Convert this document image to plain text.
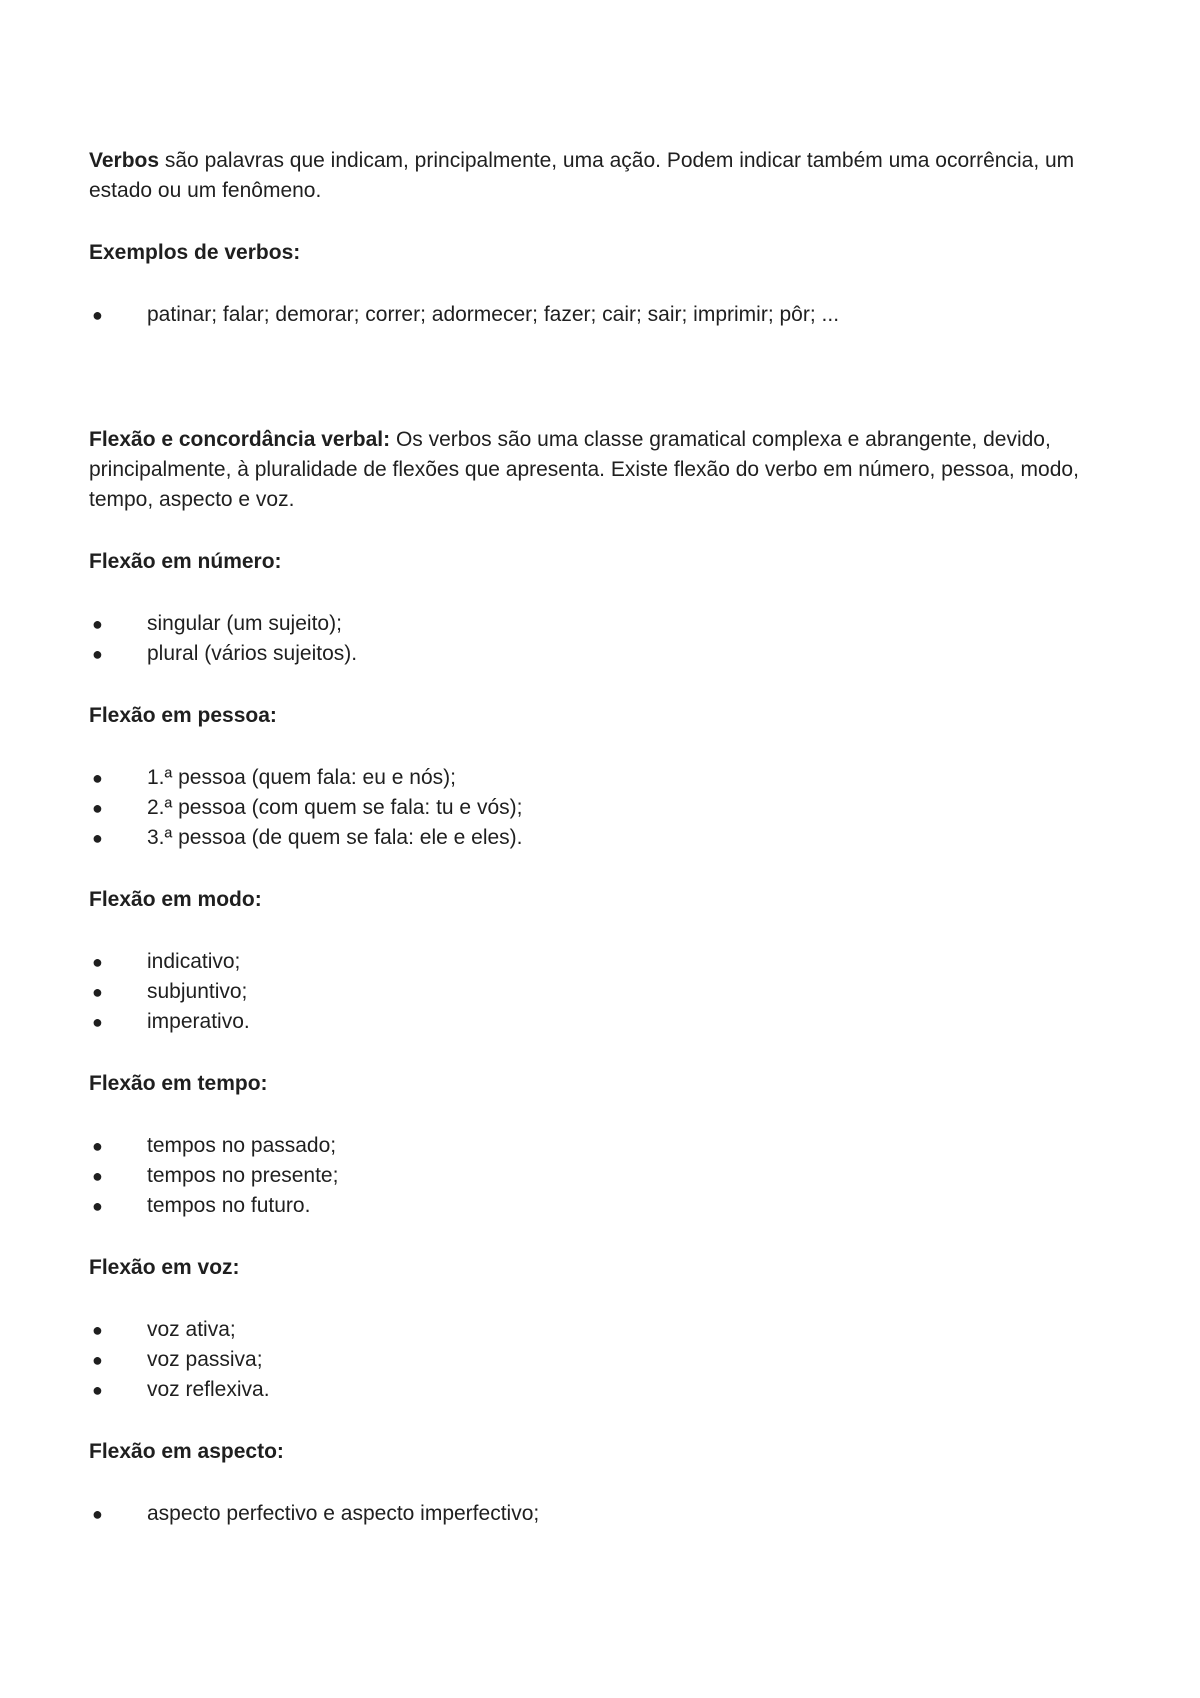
Verbos são palavras que indicam, principalmente, uma ação. Podem indicar também uma ocorrência, um estado ou um fenômeno.

Exemplos de verbos:

● patinar; falar; demorar; correr; adormecer; fazer; cair; sair; imprimir; pôr; ...

Flexão e concordância verbal: Os verbos são uma classe gramatical complexa e abrangente, devido, principalmente, à pluralidade de flexões que apresenta. Existe flexão do verbo em número, pessoa, modo, tempo, aspecto e voz.

Flexão em número:

● singular (um sujeito);
● plural (vários sujeitos).

Flexão em pessoa:

● 1.ª pessoa (quem fala: eu e nós);
● 2.ª pessoa (com quem se fala: tu e vós);
● 3.ª pessoa (de quem se fala: ele e eles).

Flexão em modo:

● indicativo;
● subjuntivo;
● imperativo.

Flexão em tempo:

● tempos no passado;
● tempos no presente;
● tempos no futuro.

Flexão em voz:

● voz ativa;
● voz passiva;
● voz reflexiva.

Flexão em aspecto:

● aspecto perfectivo e aspecto imperfectivo;
